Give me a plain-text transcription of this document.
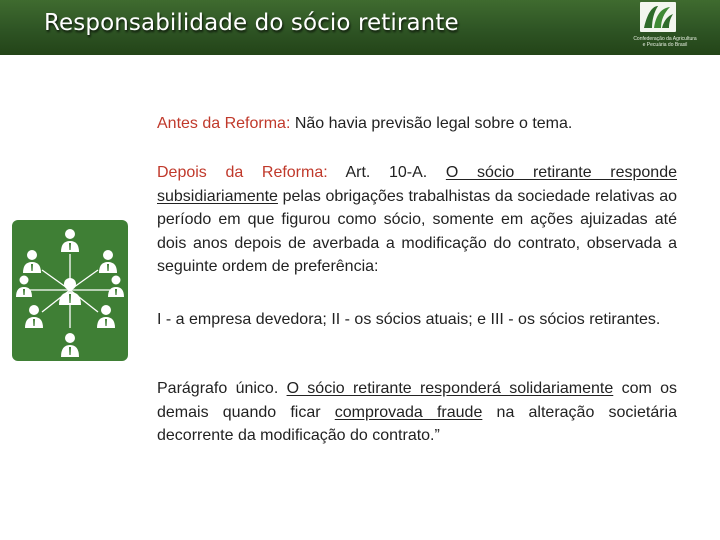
Responsabilidade do sócio retirante
Confederação da Agricultura
e Pecuária do Brasil

Antes da Reforma: Não havia previsão legal sobre o tema.

Depois da Reforma: Art. 10-A. O sócio retirante responde subsidiariamente pelas obrigações trabalhistas da sociedade relativas ao período em que figurou como sócio, somente em ações ajuizadas até dois anos depois de averbada a modificação do contrato, observada a seguinte ordem de preferência:

I - a empresa devedora; II - os sócios atuais; e III - os sócios retirantes.

Parágrafo único. O sócio retirante responderá solidariamente com os demais quando ficar comprovada fraude na alteração societária decorrente da modificação do contrato.”
